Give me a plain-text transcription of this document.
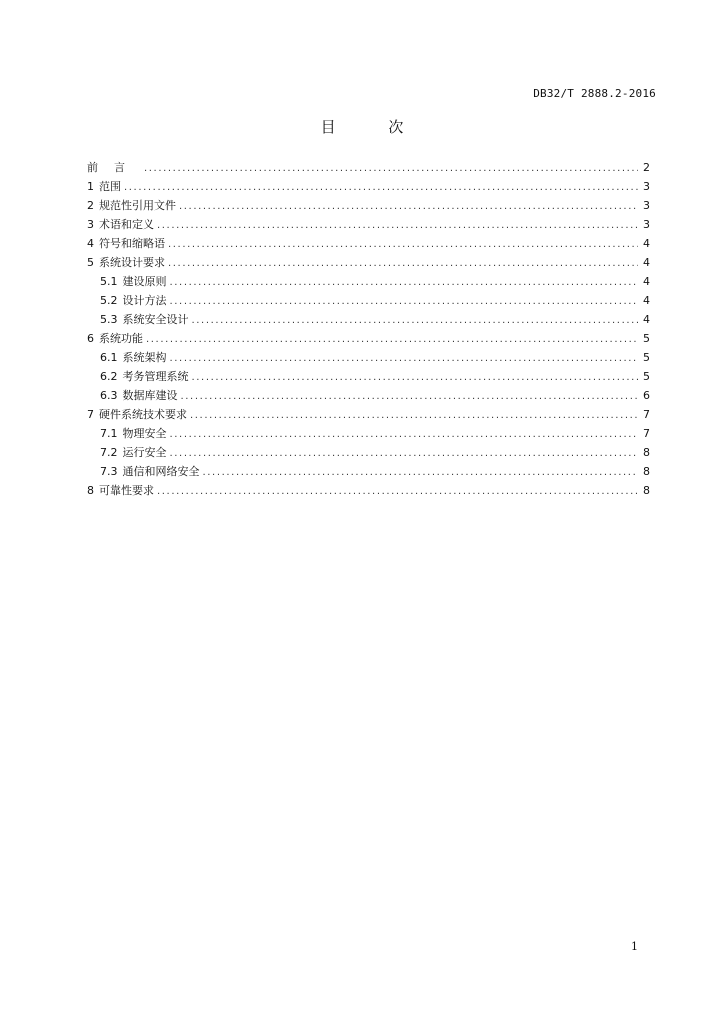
DB32/T 2888.2-2016
目 次
前言 .....	2
1 范围 .....	3
2 规范性引用文件 .....	3
3 术语和定义 .....	3
4 符号和缩略语 .....	4
5 系统设计要求 .....	4
5.1 建设原则 .....	4
5.2 设计方法 .....	4
5.3 系统安全设计 .....	4
6 系统功能 .....	5
6.1 系统架构 .....	5
6.2 考务管理系统 .....	5
6.3 数据库建设 .....	6
7 硬件系统技术要求 .....	7
7.1 物理安全 .....	7
7.2 运行安全 .....	8
7.3 通信和网络安全 .....	8
8 可靠性要求 .....	8
1
